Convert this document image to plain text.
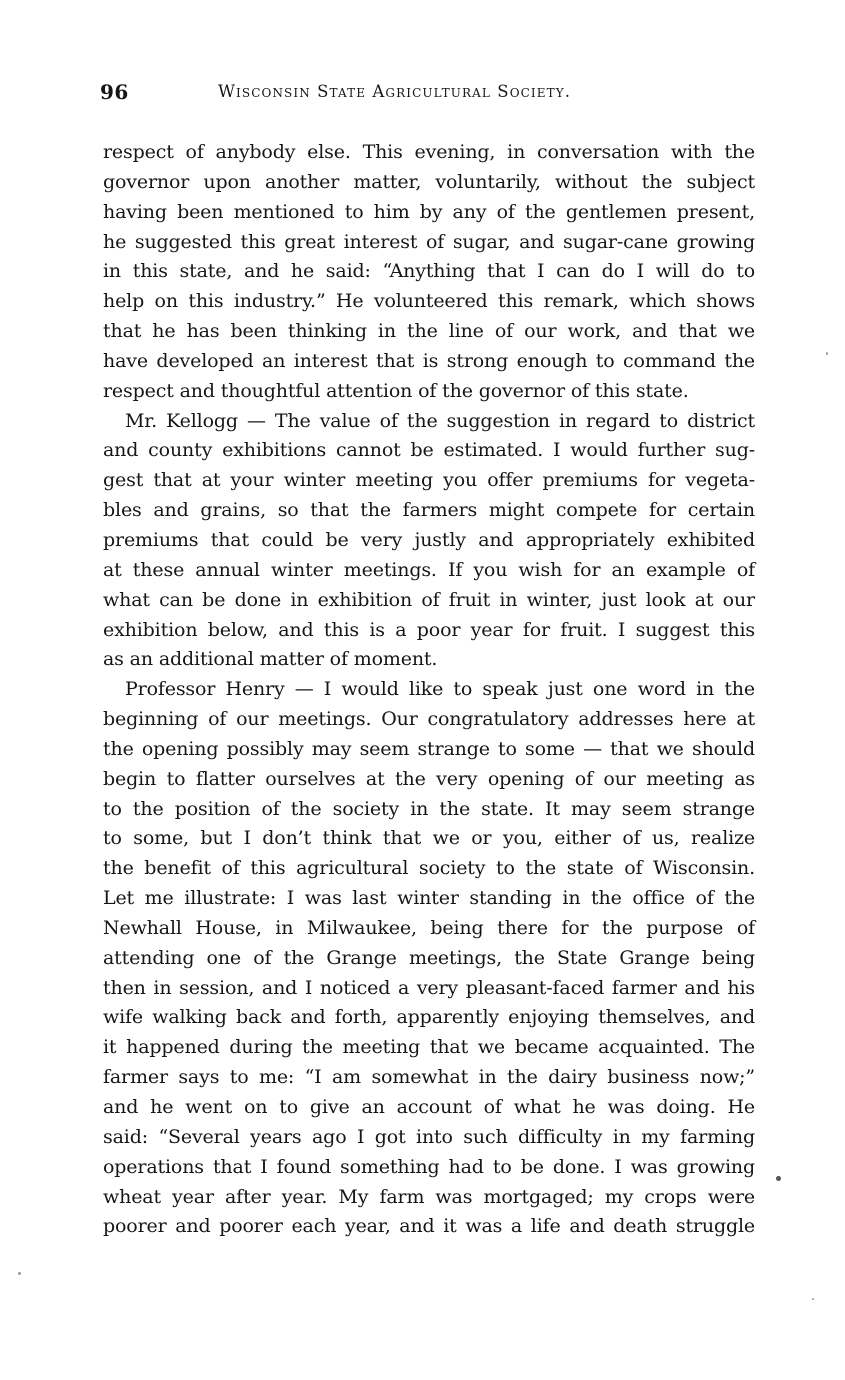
96	Wisconsin State Agricultural Society.
respect of anybody else. This evening, in conversation with the
governor upon another matter, voluntarily, without the subject
having been mentioned to him by any of the gentlemen present,
he suggested this great interest of sugar, and sugar-cane growing
in this state, and he said: “Anything that I can do I will do to
help on this industry.” He volunteered this remark, which shows
that he has been thinking in the line of our work, and that we
have developed an interest that is strong enough to command the
respect and thoughtful attention of the governor of this state.
Mr. Kellogg — The value of the suggestion in regard to district
and county exhibitions cannot be estimated. I would further sug-
gest that at your winter meeting you offer premiums for vegeta-
bles and grains, so that the farmers might compete for certain
premiums that could be very justly and appropriately exhibited
at these annual winter meetings. If you wish for an example of
what can be done in exhibition of fruit in winter, just look at our
exhibition below, and this is a poor year for fruit. I suggest this
as an additional matter of moment.
Professor Henry — I would like to speak just one word in the
beginning of our meetings. Our congratulatory addresses here at
the opening possibly may seem strange to some — that we should
begin to flatter ourselves at the very opening of our meeting as
to the position of the society in the state. It may seem strange
to some, but I don’t think that we or you, either of us, realize
the benefit of this agricultural society to the state of Wisconsin.
Let me illustrate: I was last winter standing in the office of the
Newhall House, in Milwaukee, being there for the purpose of
attending one of the Grange meetings, the State Grange being
then in session, and I noticed a very pleasant-faced farmer and his
wife walking back and forth, apparently enjoying themselves, and
it happened during the meeting that we became acquainted. The
farmer says to me: “I am somewhat in the dairy business now;”
and he went on to give an account of what he was doing. He
said: “Several years ago I got into such difficulty in my farming
operations that I found something had to be done. I was growing
wheat year after year. My farm was mortgaged; my crops were
poorer and poorer each year, and it was a life and death struggle
